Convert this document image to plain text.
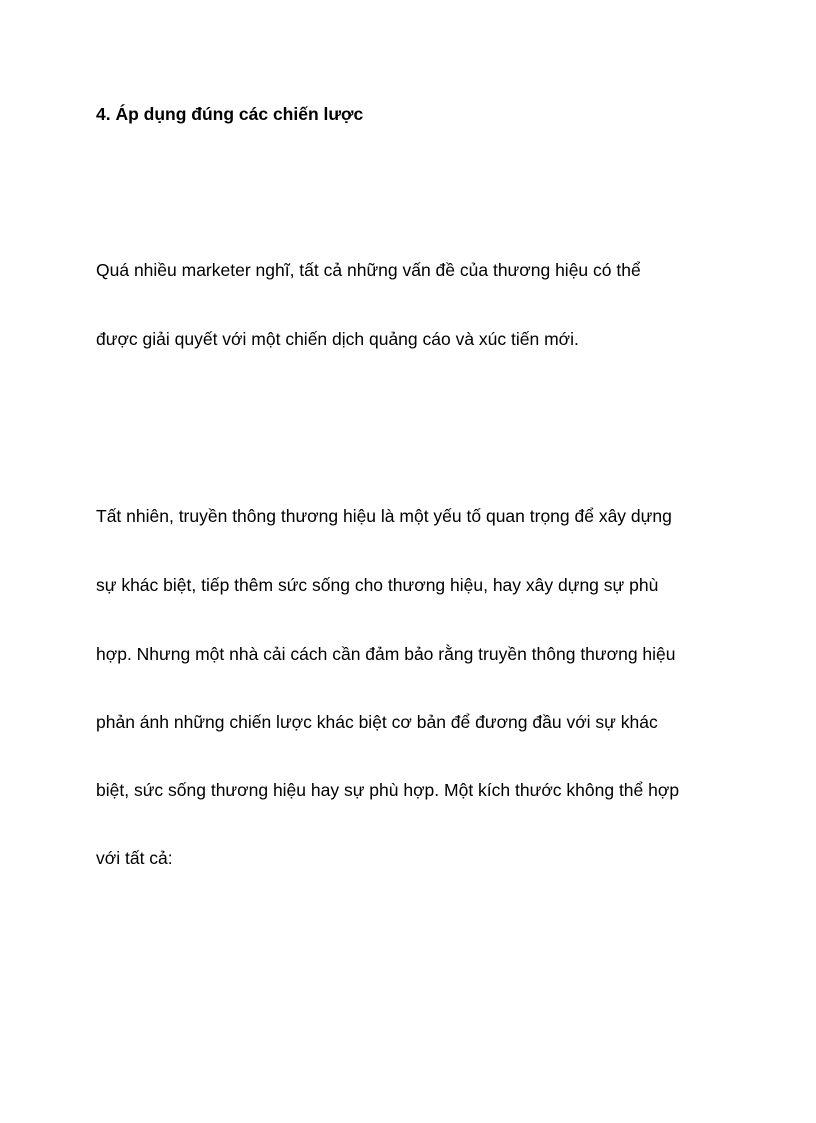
4. Áp dụng đúng các chiến lược
Quá nhiều marketer nghĩ, tất cả những vấn đề của thương hiệu có thể
được giải quyết với một chiến dịch quảng cáo và xúc tiến mới.
Tất nhiên, truyền thông thương hiệu là một yếu tố quan trọng để xây dựng
sự khác biệt, tiếp thêm sức sống cho thương hiệu, hay xây dựng sự phù
hợp. Nhưng một nhà cải cách cần đảm bảo rằng truyền thông thương hiệu
phản ánh những chiến lược khác biệt cơ bản để đương đầu với sự khác
biệt, sức sống thương hiệu hay sự phù hợp. Một kích thước không thể hợp
với tất cả:
